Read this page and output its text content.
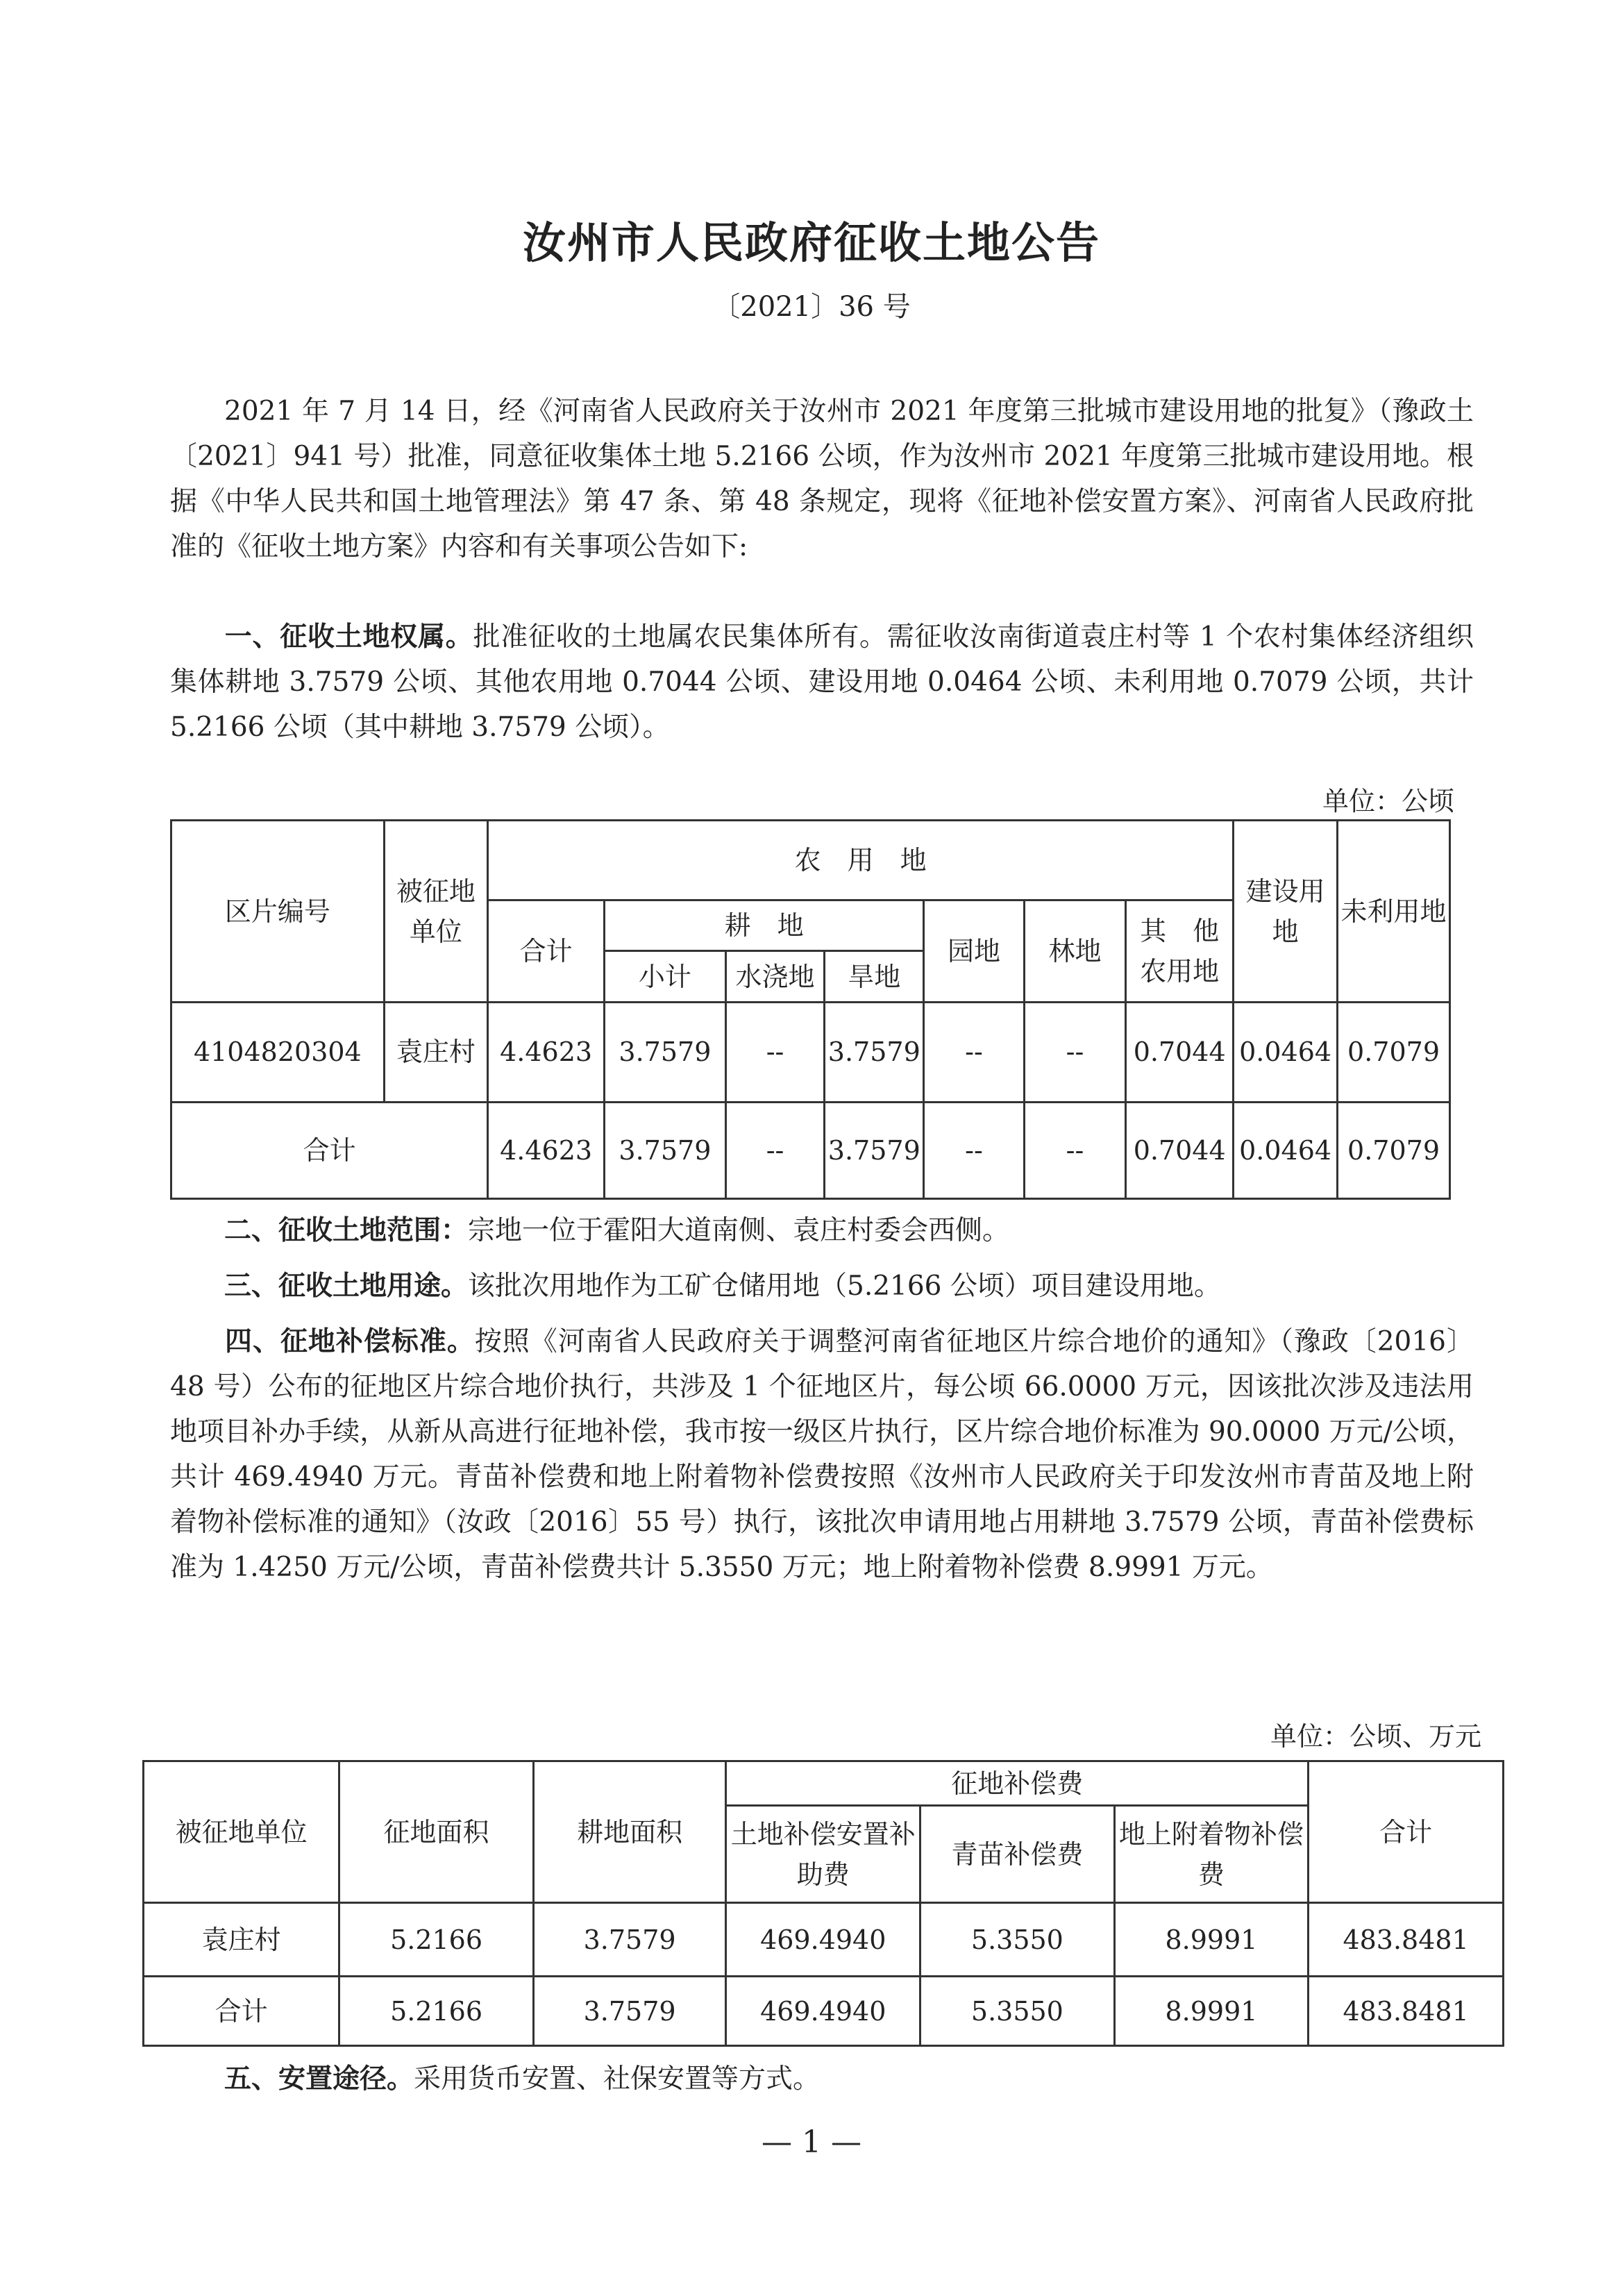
汝州市人民政府征收土地公告
〔2021〕36 号

2021 年 7 月 14 日，经《河南省人民政府关于汝州市 2021 年度第三批城市建设用地的批复》（豫政土〔2021〕941 号）批准，同意征收集体土地 5.2166 公顷，作为汝州市 2021 年度第三批城市建设用地。根据《中华人民共和国土地管理法》第 47 条、第 48 条规定，现将《征地补偿安置方案》、河南省人民政府批准的《征收土地方案》内容和有关事项公告如下:

一、征收土地权属。批准征收的土地属农民集体所有。需征收汝南街道袁庄村等 1 个农村集体经济组织集体耕地 3.7579 公顷、其他农用地 0.7044 公顷、建设用地 0.0464 公顷、未利用地 0.7079 公顷，共计 5.2166 公顷（其中耕地 3.7579 公顷）。

单位：公顷
区片编号	被征地单位	农　用　地							建设用地	未利用地
		合计	耕　地			园地	林地	其　他农用地		
			小计	水浇地	旱地					
4104820304	袁庄村	4.4623	3.7579	--	3.7579	--	--	0.7044	0.0464	0.7079
合计		4.4623	3.7579	--	3.7579	--	--	0.7044	0.0464	0.7079

二、征收土地范围：宗地一位于霍阳大道南侧、袁庄村委会西侧。

三、征收土地用途。该批次用地作为工矿仓储用地（5.2166 公顷）项目建设用地。

四、征地补偿标准。按照《河南省人民政府关于调整河南省征地区片综合地价的通知》（豫政〔2016〕48 号）公布的征地区片综合地价执行，共涉及 1 个征地区片，每公顷 66.0000 万元，因该批次涉及违法用地项目补办手续，从新从高进行征地补偿，我市按一级区片执行，区片综合地价标准为 90.0000 万元/公顷，共计 469.4940 万元。青苗补偿费和地上附着物补偿费按照《汝州市人民政府关于印发汝州市青苗及地上附着物补偿标准的通知》（汝政〔2016〕55 号）执行，该批次申请用地占用耕地 3.7579 公顷，青苗补偿费标准为 1.4250 万元/公顷，青苗补偿费共计 5.3550 万元；地上附着物补偿费 8.9991 万元。

单位：公顷、万元
被征地单位	征地面积	耕地面积	征地补偿费			合计
			土地补偿安置补助费	青苗补偿费	地上附着物补偿费	
袁庄村	5.2166	3.7579	469.4940	5.3550	8.9991	483.8481
合计	5.2166	3.7579	469.4940	5.3550	8.9991	483.8481

五、安置途径。采用货币安置、社保安置等方式。

— 1 —
